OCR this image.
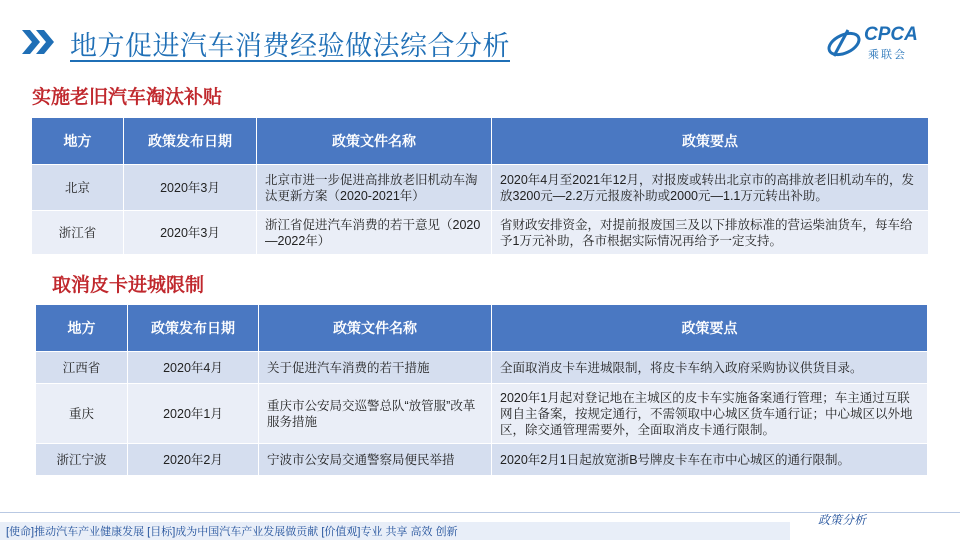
地方促进汽车消费经验做法综合分析	CPCA
乘联会
实施老旧汽车淘汰补贴
地方	政策发布日期	政策文件名称	政策要点
北京	2020年3月	北京市进一步促进高排放老旧机动车淘汰更新方案（2020-2021年）	2020年4月至2021年12月，对报废或转出北京市的高排放老旧机动车的，发放3200元—2.2万元报废补助或2000元—1.1万元转出补助。
浙江省	2020年3月	浙江省促进汽车消费的若干意见（2020—2022年）	省财政安排资金，对提前报废国三及以下排放标准的营运柴油货车，每车给予1万元补助，各市根据实际情况再给予一定支持。
取消皮卡进城限制
地方	政策发布日期	政策文件名称	政策要点
江西省	2020年4月	关于促进汽车消费的若干措施	全面取消皮卡车进城限制，将皮卡车纳入政府采购协议供货目录。
重庆	2020年1月	重庆市公安局交巡警总队“放管服”改革服务措施	2020年1月起对登记地在主城区的皮卡车实施备案通行管理；车主通过互联网自主备案，按规定通行，不需领取中心城区货车通行证；中心城区以外地区，除交通管理需要外，全面取消皮卡通行限制。
浙江宁波	2020年2月	宁波市公安局交通警察局便民举措	2020年2月1日起放宽浙B号牌皮卡车在市中心城区的通行限制。
[使命]推动汽车产业健康发展 [目标]成为中国汽车产业发展做贡献 [价值观]专业 共享 高效 创新
政策分析
